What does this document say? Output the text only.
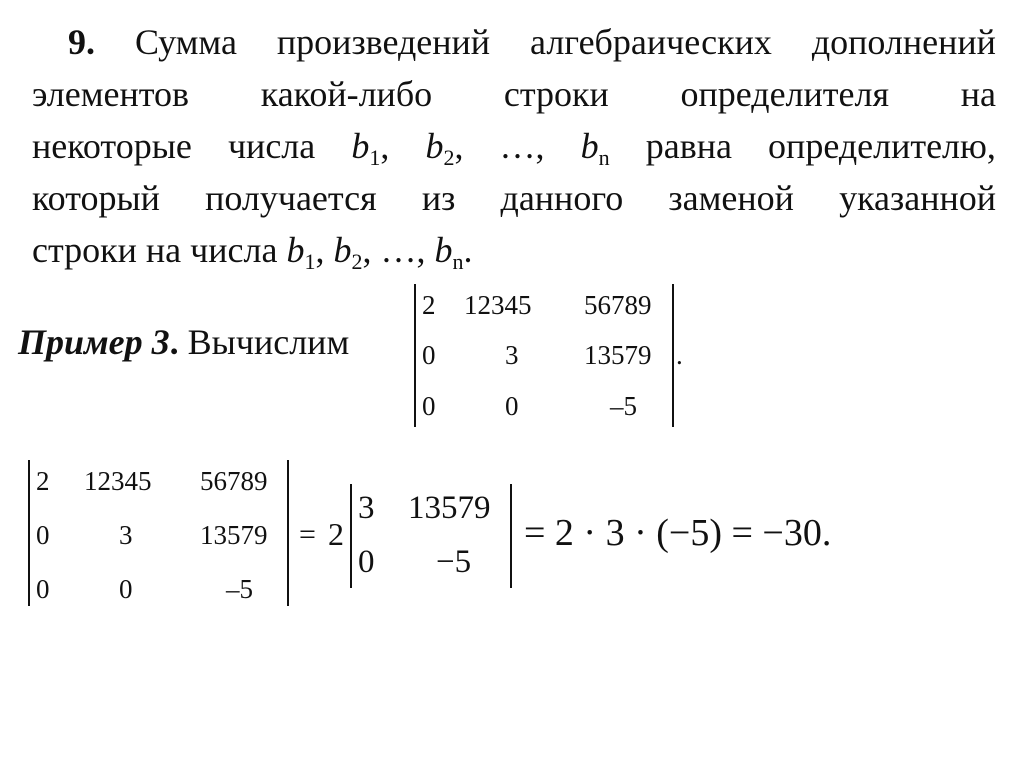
9. Сумма произведений алгебраических дополнений
элементов какой-либо строки определителя на
некоторые числа $b_1$, $b_2$, …, $b_n$ равна определителю,
который получается из данного заменой указанной
строки на числа $b_1$, $b_2$, …, $b_n$.
Пример 3. Вычислим
2 12345 56789
0	3 13579
0	0	–5
.
2 12345 56789
0	3	13579
0	0	–5
= 2
3 13579
0 −5
= 2 · 3 · (−5) = −30.
